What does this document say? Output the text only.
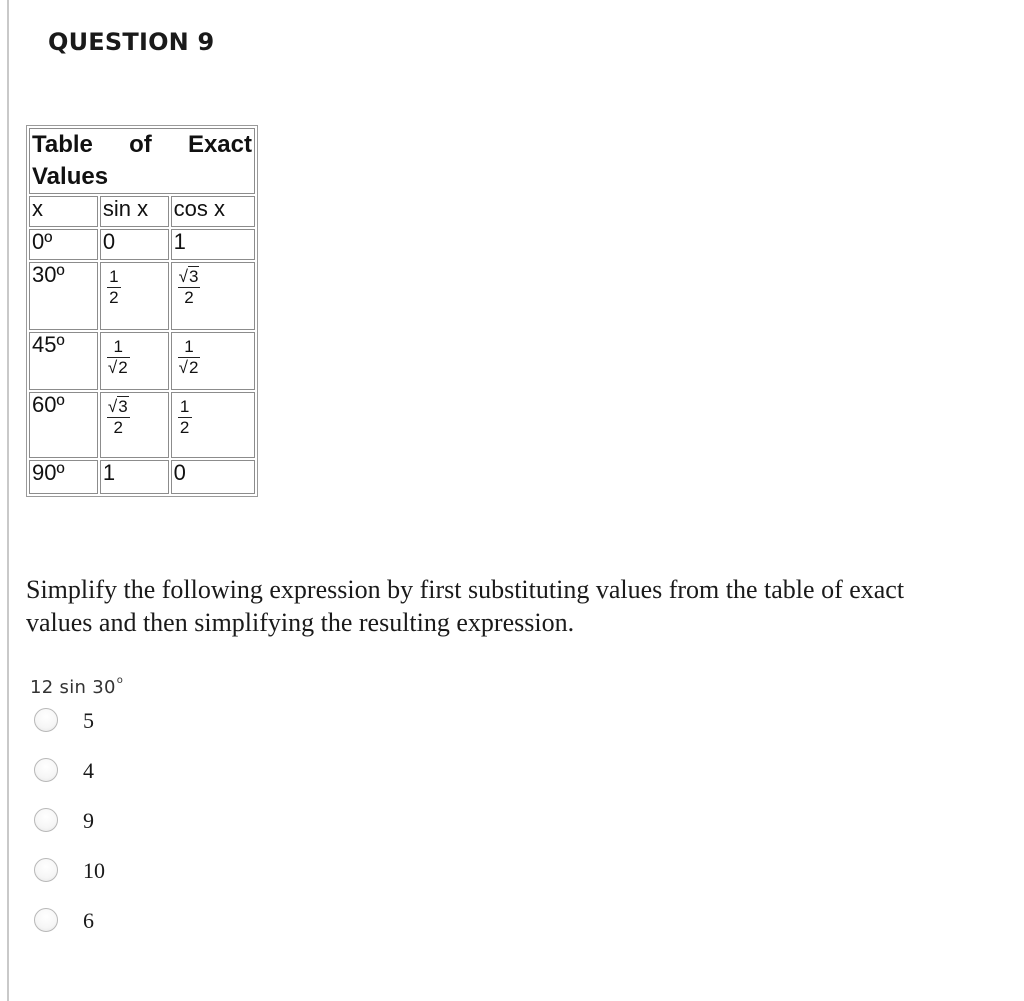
QUESTION 9
Table of Exact
Values		

x	sin x	cos x
0º	0	1
30º	$\frac{1}{2}$	$\frac{√3}{2}$

45º	$\frac{1}{√2}$	$\frac{1}{√2}$

60º	$\frac{√3}{2}$	$\frac{1}{2}$

90º	1	0
Simplify the following expression by first substituting values from the table of exact values and then simplifying the resulting expression.
12 sin 30$^o$
5
4
9
10
6
